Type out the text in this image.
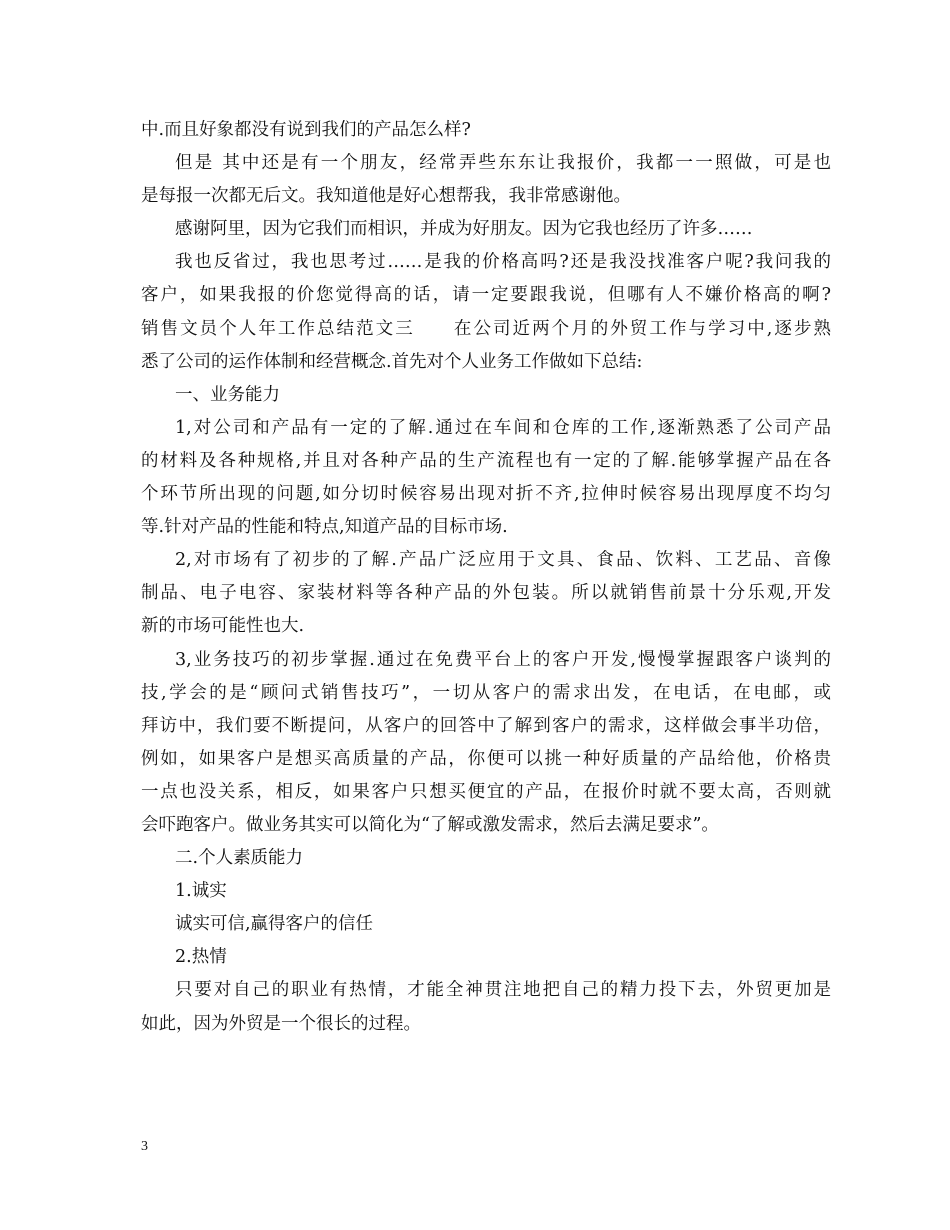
中.而且好象都没有说到我们的产品怎么样?
但是 其中还是有一个朋友，经常弄些东东让我报价，我都一一照做，可是也
是每报一次都无后文。我知道他是好心想帮我，我非常感谢他。
感谢阿里，因为它我们而相识，并成为好朋友。因为它我也经历了许多……
我也反省过，我也思考过……是我的价格高吗?还是我没找准客户呢?我问我的
客户，如果我报的价您觉得高的话，请一定要跟我说，但哪有人不嫌价格高的啊?
销售文员个人年工作总结范文三　　在公司近两个月的外贸工作与学习中,逐步熟
悉了公司的运作体制和经营概念.首先对个人业务工作做如下总结:
一、业务能力
1,对公司和产品有一定的了解.通过在车间和仓库的工作,逐渐熟悉了公司产品
的材料及各种规格,并且对各种产品的生产流程也有一定的了解.能够掌握产品在各
个环节所出现的问题,如分切时候容易出现对折不齐,拉伸时候容易出现厚度不均匀
等.针对产品的性能和特点,知道产品的目标市场.
2,对市场有了初步的了解.产品广泛应用于文具、食品、饮料、工艺品、音像
制品、电子电容、家装材料等各种产品的外包装。所以就销售前景十分乐观,开发
新的市场可能性也大.
3,业务技巧的初步掌握.通过在免费平台上的客户开发,慢慢掌握跟客户谈判的
技,学会的是“顾问式销售技巧”，一切从客户的需求出发，在电话，在电邮，或
拜访中，我们要不断提问，从客户的回答中了解到客户的需求，这样做会事半功倍，
例如，如果客户是想买高质量的产品，你便可以挑一种好质量的产品给他，价格贵
一点也没关系，相反，如果客户只想买便宜的产品，在报价时就不要太高，否则就
会吓跑客户。做业务其实可以简化为“了解或激发需求，然后去满足要求”。
二.个人素质能力
1.诚实
诚实可信,赢得客户的信任
2.热情
只要对自己的职业有热情，才能全神贯注地把自己的精力投下去，外贸更加是
如此，因为外贸是一个很长的过程。
3
